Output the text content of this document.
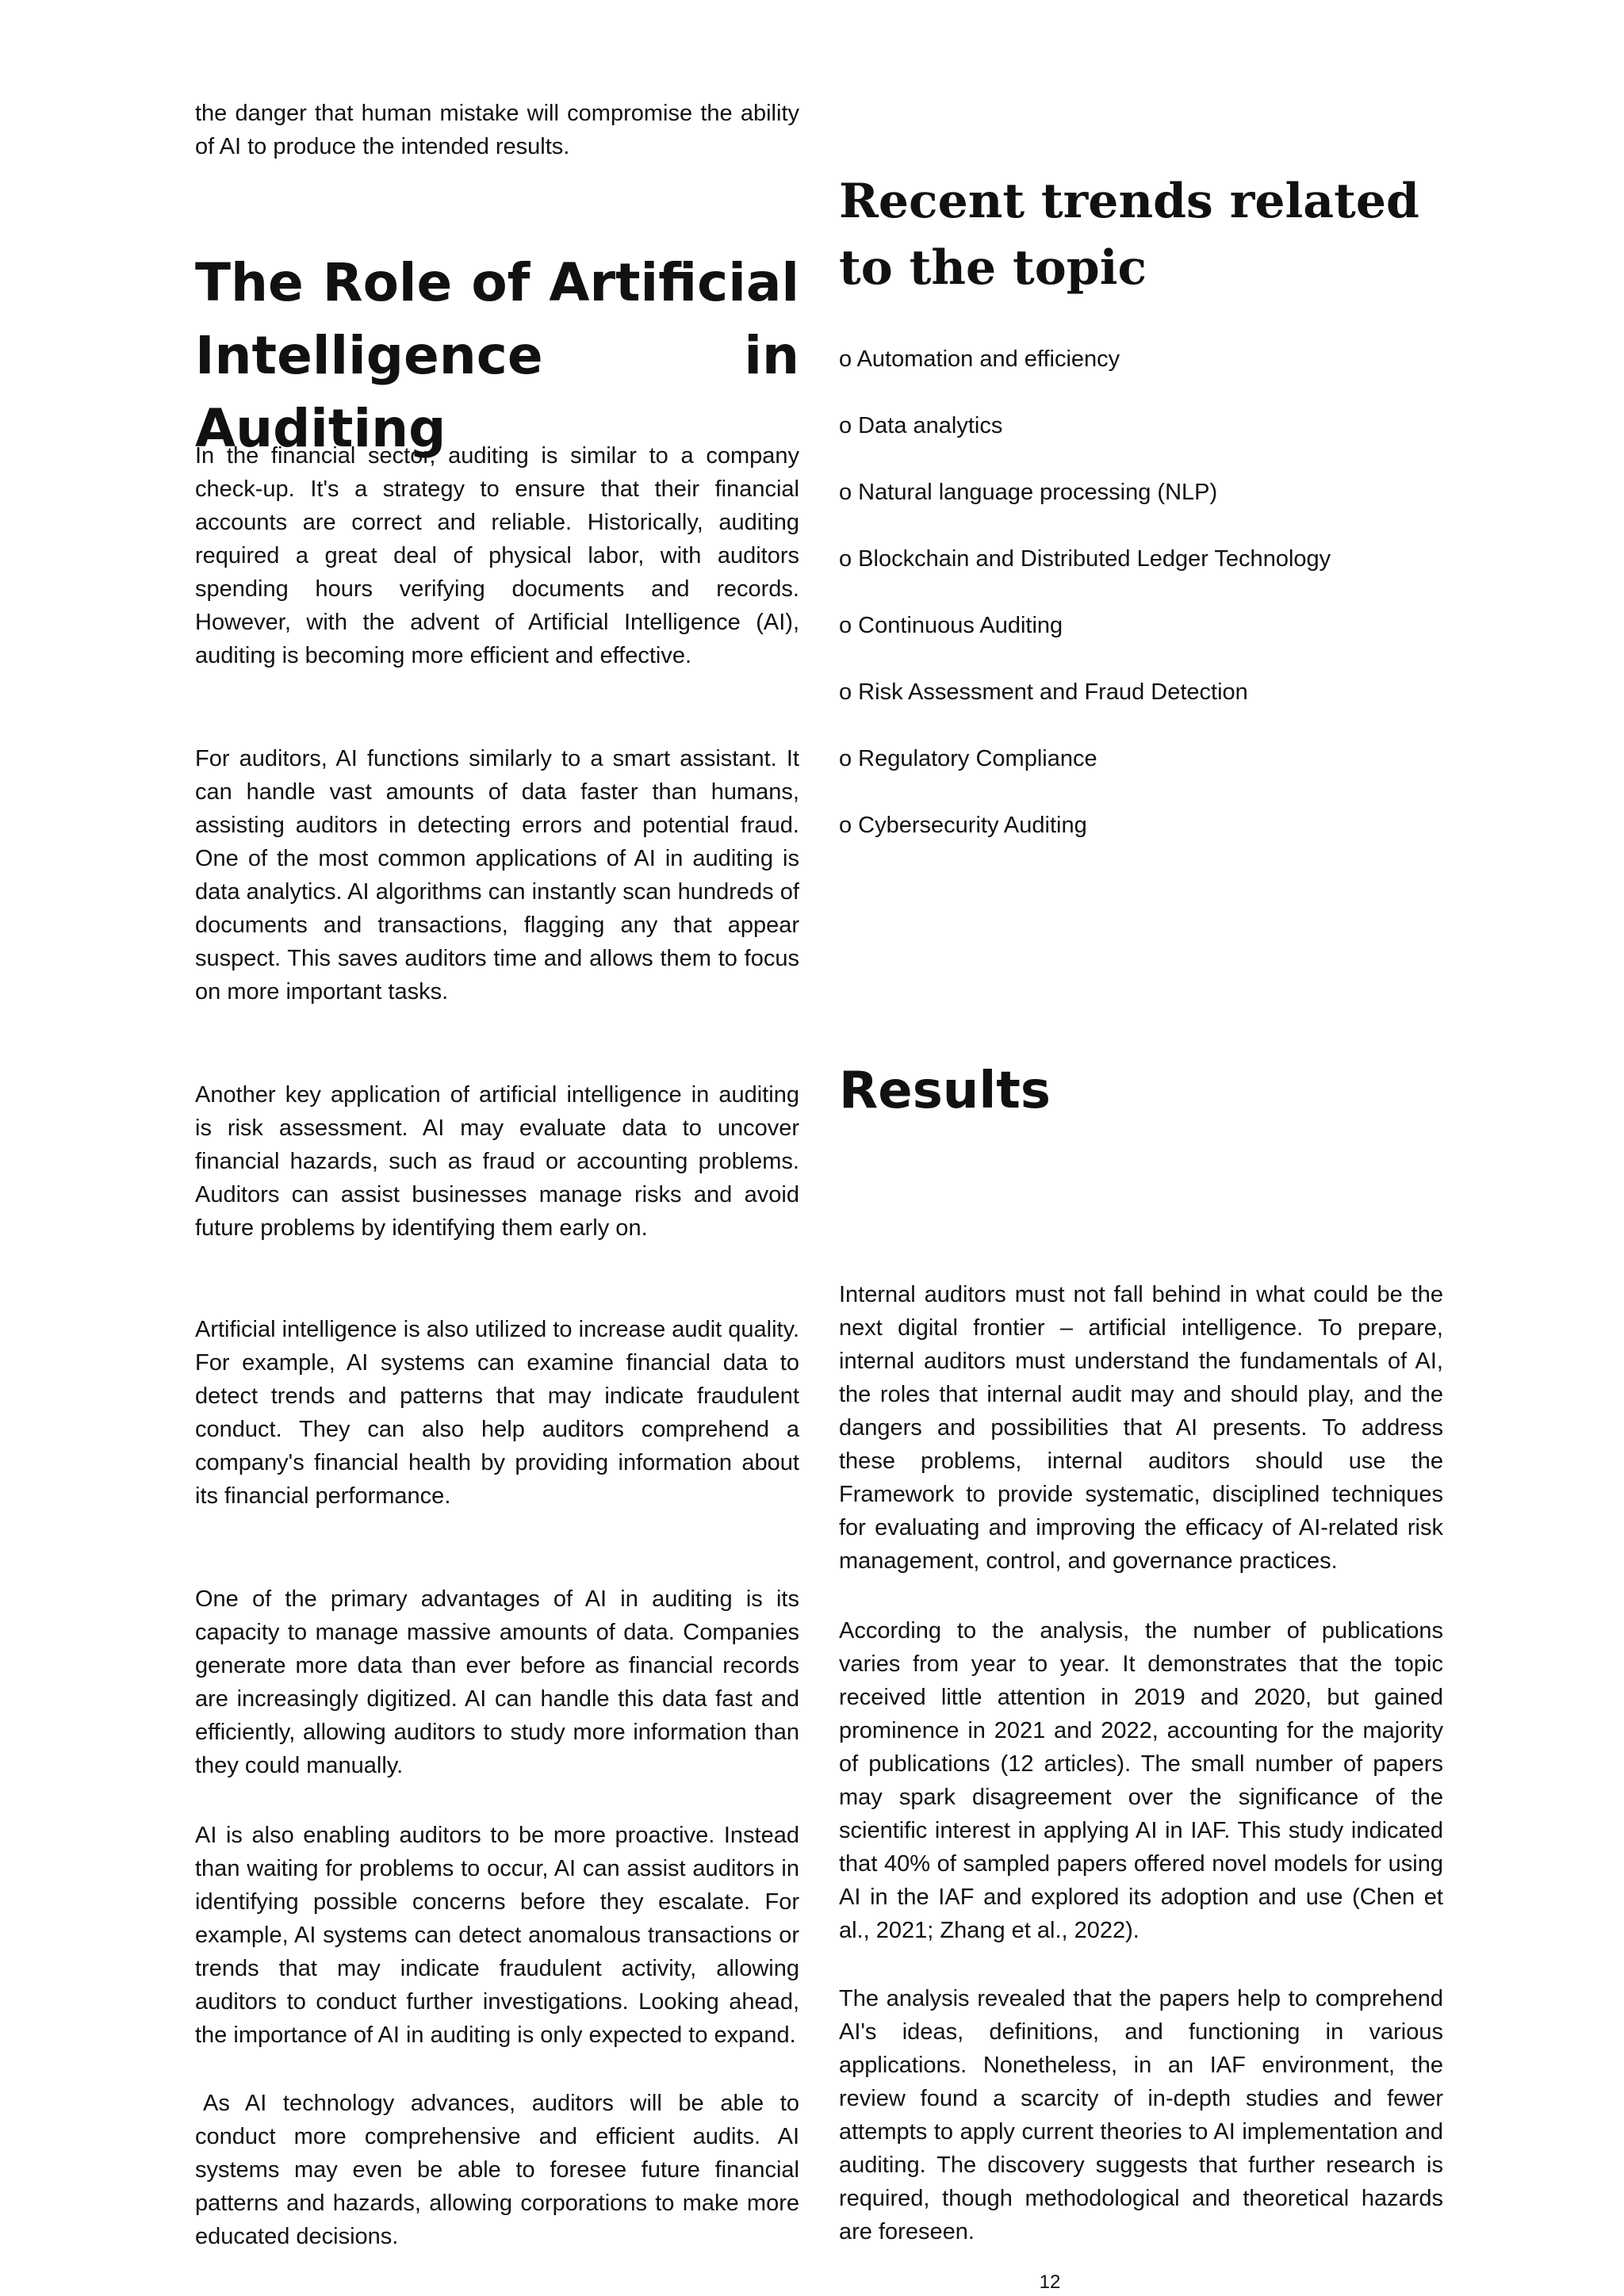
the danger that human mistake will compromise the ability of AI to produce the intended results.

The Role of Artificial Intelligence in Auditing

In the financial sector, auditing is similar to a company check-up. It's a strategy to ensure that their financial accounts are correct and reliable. Historically, auditing required a great deal of physical labor, with auditors spending hours verifying documents and records. However, with the advent of Artificial Intelligence (AI), auditing is becoming more efficient and effective.

For auditors, AI functions similarly to a smart assistant. It can handle vast amounts of data faster than humans, assisting auditors in detecting errors and potential fraud. One of the most common applications of AI in auditing is data analytics. AI algorithms can instantly scan hundreds of documents and transactions, flagging any that appear suspect. This saves auditors time and allows them to focus on more important tasks.

Another key application of artificial intelligence in auditing is risk assessment. AI may evaluate data to uncover financial hazards, such as fraud or accounting problems. Auditors can assist businesses manage risks and avoid future problems by identifying them early on.

Artificial intelligence is also utilized to increase audit quality. For example, AI systems can examine financial data to detect trends and patterns that may indicate fraudulent conduct. They can also help auditors comprehend a company's financial health by providing information about its financial performance.

One of the primary advantages of AI in auditing is its capacity to manage massive amounts of data. Companies generate more data than ever before as financial records are increasingly digitized. AI can handle this data fast and efficiently, allowing auditors to study more information than they could manually.

AI is also enabling auditors to be more proactive. Instead than waiting for problems to occur, AI can assist auditors in identifying possible concerns before they escalate. For example, AI systems can detect anomalous transactions or trends that may indicate fraudulent activity, allowing auditors to conduct further investigations. Looking ahead, the importance of AI in auditing is only expected to expand.

As AI technology advances, auditors will be able to conduct more comprehensive and efficient audits. AI systems may even be able to foresee future financial patterns and hazards, allowing corporations to make more educated decisions.

Recent trends related to the topic

o Automation and efficiency

o Data analytics

o Natural language processing (NLP)

o Blockchain and Distributed Ledger Technology

o Continuous Auditing

o Risk Assessment and Fraud Detection

o Regulatory Compliance

o Cybersecurity Auditing

Results

Internal auditors must not fall behind in what could be the next digital frontier – artificial intelligence. To prepare, internal auditors must understand the fundamentals of AI, the roles that internal audit may and should play, and the dangers and possibilities that AI presents. To address these problems, internal auditors should use the Framework to provide systematic, disciplined techniques for evaluating and improving the efficacy of AI-related risk management, control, and governance practices.

According to the analysis, the number of publications varies from year to year. It demonstrates that the topic received little attention in 2019 and 2020, but gained prominence in 2021 and 2022, accounting for the majority of publications (12 articles). The small number of papers may spark disagreement over the significance of the scientific interest in applying AI in IAF. This study indicated that 40% of sampled papers offered novel models for using AI in the IAF and explored its adoption and use (Chen et al., 2021; Zhang et al., 2022).

The analysis revealed that the papers help to comprehend AI's ideas, definitions, and functioning in various applications. Nonetheless, in an IAF environment, the review found a scarcity of in-depth studies and fewer attempts to apply current theories to AI implementation and auditing. The discovery suggests that further research is required, though methodological and theoretical hazards are foreseen.

12
